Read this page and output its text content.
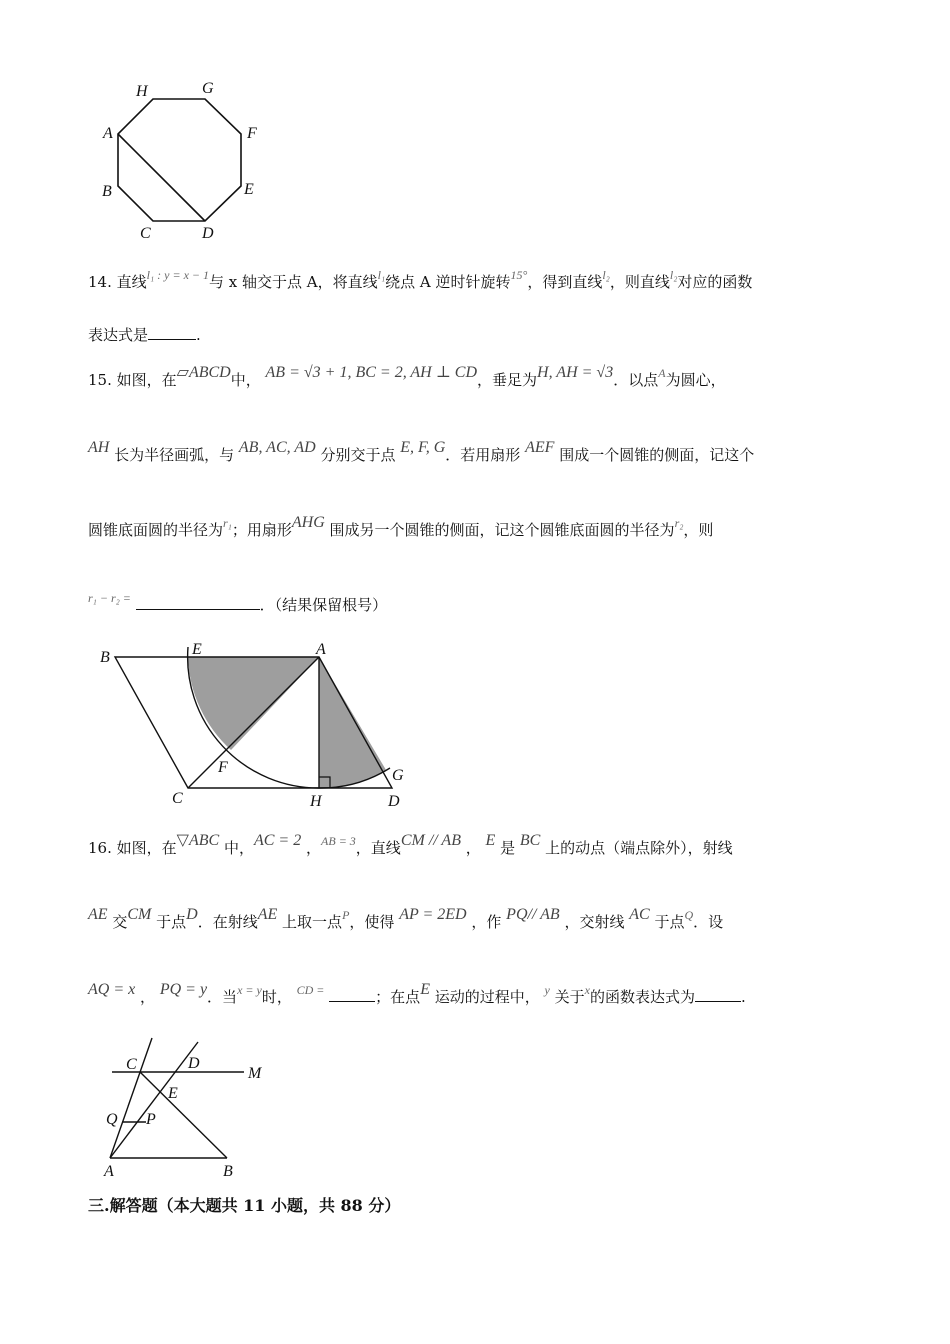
H	G
A	F
B	E
C	D
14. 直线$^{l_1 : y = x - 1}$与 x 轴交于点 A，将直线$^{l_1}$绕点 A 逆时针旋转$^{15^\circ}$，得到直线$^{l_2}$，则直线$^{l_2}$对应的函数
表达式是	.
15. 如图，在▱ABCD中， AB = √3 + 1, BC = 2, AH ⊥ CD，垂足为H, AH = √3．以点$^A$为圆心，
AH 长为半径画弧，与 AB, AC, AD 分别交于点 E, F, G．若用扇形 AEF 围成一个圆锥的侧面，记这个
圆锥底面圆的半径为$^{r_1}$；用扇形AHG 围成另一个圆锥的侧面，记这个圆锥底面圆的半径为$^{r_2}$，则
$^{r_1 - r_2 =}$	．（结果保留根号）
B	E	A
F	G
C	H	D
16. 如图，在▽ABC 中，AC = 2 ，$^{AB = 3}$，直线CM // AB ， E 是 BC 上的动点（端点除外），射线
AE 交CM 于点D．在射线AE 上取一点$^P$，使得 AP = 2ED ，作 PQ// AB ，交射线 AC 于点$^Q$．设
AQ = x ， PQ = y．当$^{x = y}$时， $^{CD =}$	；在点E 运动的过程中， $^y$ 关于$^x$的函数表达式为	.
C	D
M
E
Q P
A	B
三.解答题（本大题共 11 小题，共 88 分）
